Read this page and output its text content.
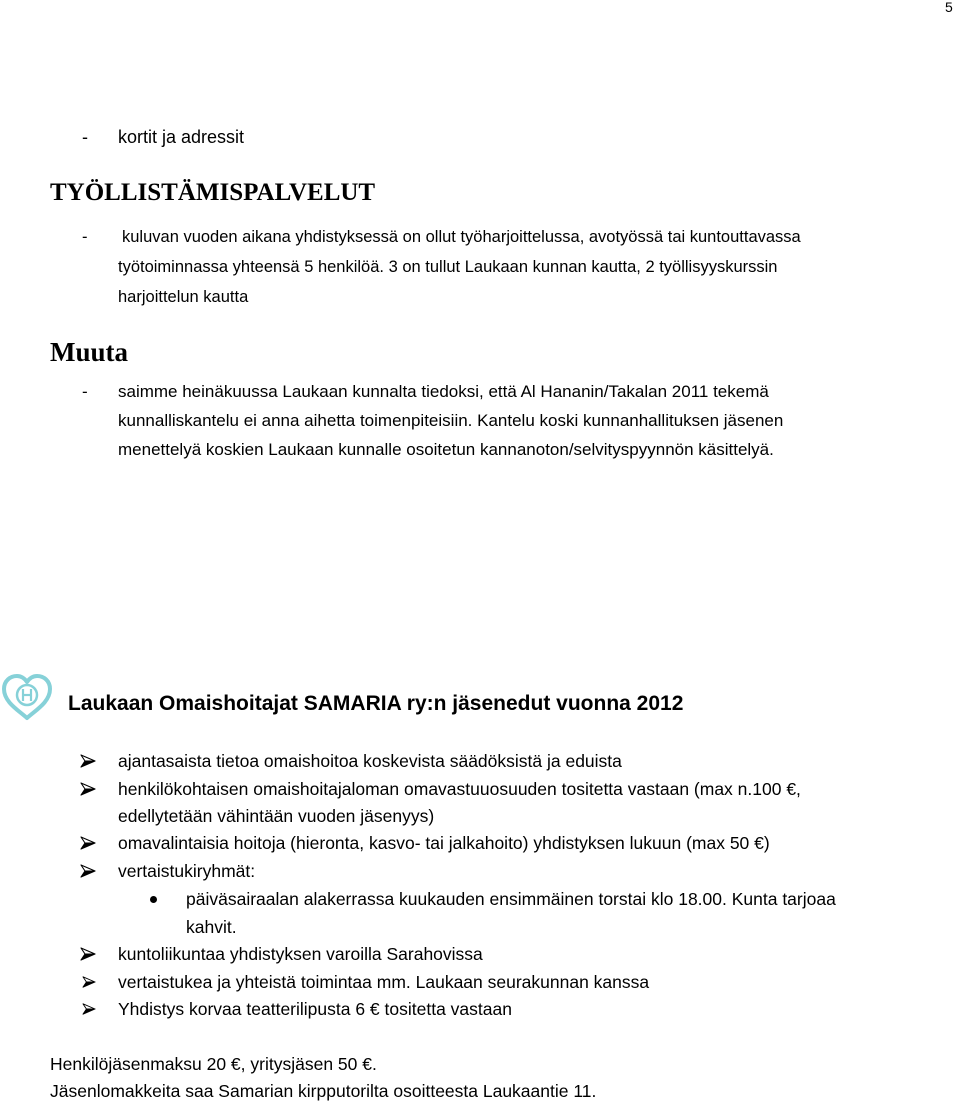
5
- kortit ja adressit
TYÖLLISTÄMISPALVELUT
- kuluvan vuoden aikana yhdistyksessä on ollut työharjoittelussa, avotyössä tai kuntouttavassa
työtoiminnassa yhteensä 5 henkilöä. 3 on tullut Laukaan kunnan kautta, 2 työllisyyskurssin
harjoittelun kautta
Muuta
- saimme heinäkuussa Laukaan kunnalta tiedoksi, että Al Hananin/Takalan 2011 tekemä
kunnalliskantelu ei anna aihetta toimenpiteisiin. Kantelu koski kunnanhallituksen jäsenen
menettelyä koskien Laukaan kunnalle osoitetun kannanoton/selvityspyynnön käsittelyä.
Laukaan Omaishoitajat SAMARIA ry:n jäsenedut vuonna 2012
ajantasaista tietoa omaishoitoa koskevista säädöksistä ja eduista
henkilökohtaisen omaishoitajaloman omavastuuosuuden tositetta vastaan (max n.100 €,
edellytetään vähintään vuoden jäsenyys)
omavalintaisia hoitoja (hieronta, kasvo- tai jalkahoito) yhdistyksen lukuun (max 50 €)
vertaistukiryhmät:
päiväsairaalan alakerrassa kuukauden ensimmäinen torstai klo 18.00. Kunta tarjoaa
kahvit.
kuntoliikuntaa yhdistyksen varoilla Sarahovissa
vertaistukea ja yhteistä toimintaa mm. Laukaan seurakunnan kanssa
Yhdistys korvaa teatterilipusta 6 € tositetta vastaan
Henkilöjäsenmaksu 20 €, yritysjäsen 50 €.
Jäsenlomakkeita saa Samarian kirpputorilta osoitteesta Laukaantie 11.
